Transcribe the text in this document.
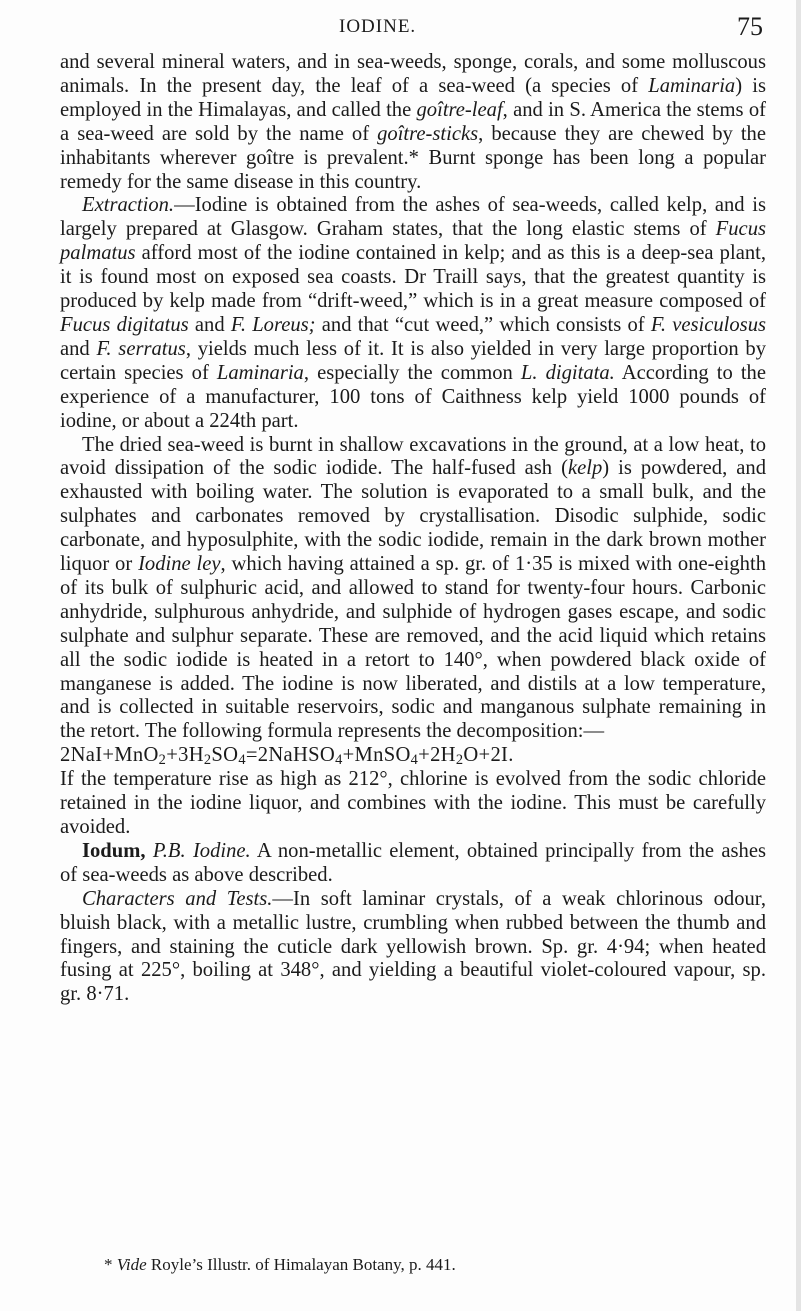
IODINE.	75

and several mineral waters, and in sea-weeds, sponge, corals, and some molluscous animals. In the present day, the leaf of a sea-weed (a species of Laminaria) is employed in the Himalayas, and called the goître-leaf, and in S. America the stems of a sea-weed are sold by the name of goître-sticks, because they are chewed by the inhabitants wherever goître is prevalent.* Burnt sponge has been long a popular remedy for the same disease in this country.

Extraction.—Iodine is obtained from the ashes of sea-weeds, called kelp, and is largely prepared at Glasgow. Graham states, that the long elastic stems of Fucus palmatus afford most of the iodine contained in kelp; and as this is a deep-sea plant, it is found most on exposed sea coasts. Dr Traill says, that the greatest quantity is produced by kelp made from “drift-weed,” which is in a great measure composed of Fucus digitatus and F. Loreus; and that “cut weed,” which consists of F. vesiculosus and F. serratus, yields much less of it. It is also yielded in very large proportion by certain species of Laminaria, especially the common L. digitata. According to the experience of a manufacturer, 100 tons of Caithness kelp yield 1000 pounds of iodine, or about a 224th part.

The dried sea-weed is burnt in shallow excavations in the ground, at a low heat, to avoid dissipation of the sodic iodide. The half-fused ash (kelp) is powdered, and exhausted with boiling water. The solution is evaporated to a small bulk, and the sulphates and carbonates removed by crystallisation. Disodic sulphide, sodic carbonate, and hyposulphite, with the sodic iodide, remain in the dark brown mother liquor or Iodine ley, which having attained a sp. gr. of 1·35 is mixed with one-eighth of its bulk of sulphuric acid, and allowed to stand for twenty-four hours. Carbonic anhydride, sulphurous anhydride, and sulphide of hydrogen gases escape, and sodic sulphate and sulphur separate. These are removed, and the acid liquid which retains all the sodic iodide is heated in a retort to 140°, when powdered black oxide of manganese is added. The iodine is now liberated, and distils at a low temperature, and is collected in suitable reservoirs, sodic and manganous sulphate remaining in the retort. The following formula represents the decomposition:—

$2NaI+MnO_2+3H_2SO_4=2NaHSO_4+MnSO_4+2H_2O+2I$.

If the temperature rise as high as 212°, chlorine is evolved from the sodic chloride retained in the iodine liquor, and combines with the iodine. This must be carefully avoided.

Iodum, P.B. Iodine. A non-metallic element, obtained principally from the ashes of sea-weeds as above described.

Characters and Tests.—In soft laminar crystals, of a weak chlorinous odour, bluish black, with a metallic lustre, crumbling when rubbed between the thumb and fingers, and staining the cuticle dark yellowish brown. Sp. gr. 4·94; when heated fusing at 225°, boiling at 348°, and yielding a beautiful violet-coloured vapour, sp. gr. 8·71.

* Vide Royle’s Illustr. of Himalayan Botany, p. 441.
